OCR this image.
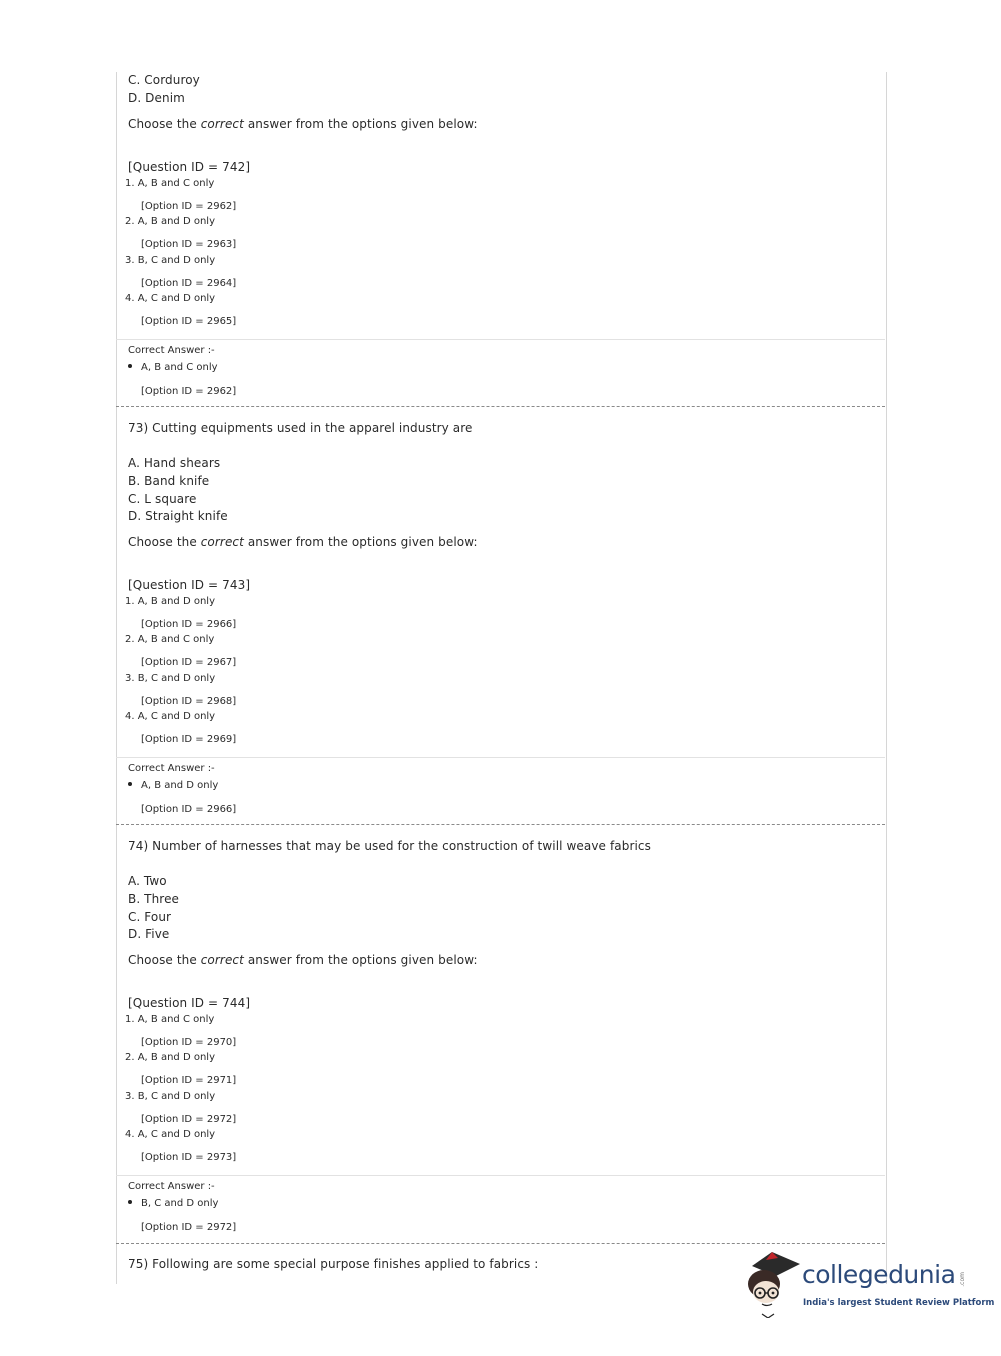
C. Corduroy
D. Denim
Choose the correct answer from the options given below:
[Question ID = 742]
1. A, B and C only
[Option ID = 2962]
2. A, B and D only
[Option ID = 2963]
3. B, C and D only
[Option ID = 2964]
4. A, C and D only
[Option ID = 2965]
Correct Answer :-
A, B and C only
[Option ID = 2962]
73) Cutting equipments used in the apparel industry are
A. Hand shears
B. Band knife
C. L square
D. Straight knife
Choose the correct answer from the options given below:
[Question ID = 743]
1. A, B and D only
[Option ID = 2966]
2. A, B and C only
[Option ID = 2967]
3. B, C and D only
[Option ID = 2968]
4. A, C and D only
[Option ID = 2969]
Correct Answer :-
A, B and D only
[Option ID = 2966]
74) Number of harnesses that may be used for the construction of twill weave fabrics
A. Two
B. Three
C. Four
D. Five
Choose the correct answer from the options given below:
[Question ID = 744]
1. A, B and C only
[Option ID = 2970]
2. A, B and D only
[Option ID = 2971]
3. B, C and D only
[Option ID = 2972]
4. A, C and D only
[Option ID = 2973]
Correct Answer :-
B, C and D only
[Option ID = 2972]
75) Following are some special purpose finishes applied to fabrics :	collegedunia .com
India's largest Student Review Platform
